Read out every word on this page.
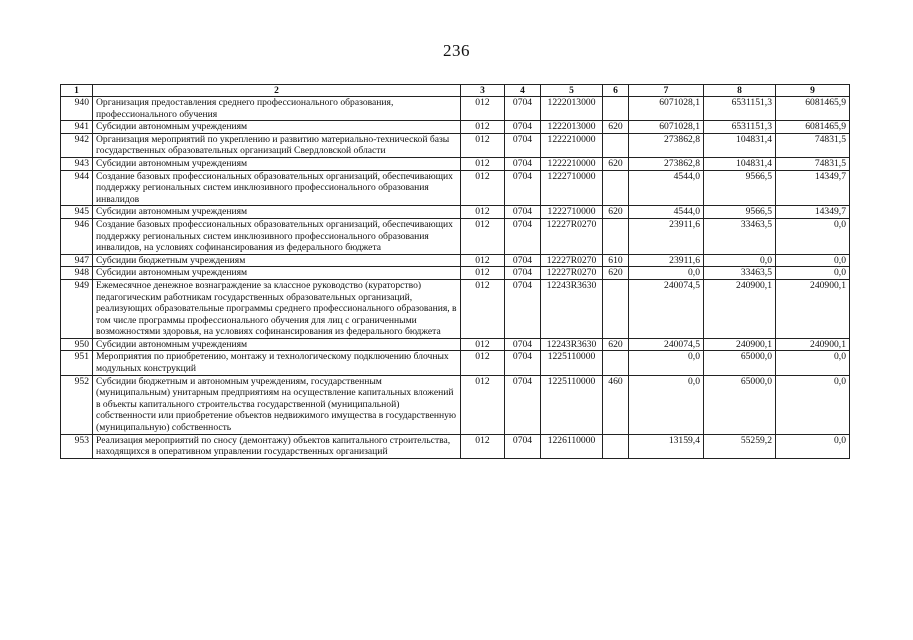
236
1	2	3	4	5	6	7	8	9
940	Организация предоставления среднего профессионального образования, профессионального обучения	012	0704	1222013000		6071028,1	6531151,3	6081465,9
941	Субсидии автономным учреждениям	012	0704	1222013000	620	6071028,1	6531151,3	6081465,9
942	Организация мероприятий по укреплению и развитию материально-технической базы государственных образовательных организаций Свердловской области	012	0704	1222210000		273862,8	104831,4	74831,5
943	Субсидии автономным учреждениям	012	0704	1222210000	620	273862,8	104831,4	74831,5
944	Создание базовых профессиональных образовательных организаций, обеспечивающих поддержку региональных систем инклюзивного профессионального образования инвалидов	012	0704	1222710000		4544,0	9566,5	14349,7
945	Субсидии автономным учреждениям	012	0704	1222710000	620	4544,0	9566,5	14349,7
946	Создание базовых профессиональных образовательных организаций, обеспечивающих поддержку региональных систем инклюзивного профессионального образования инвалидов, на условиях софинансирования из федерального бюджета	012	0704	12227R0270		23911,6	33463,5	0,0
947	Субсидии бюджетным учреждениям	012	0704	12227R0270	610	23911,6	0,0	0,0
948	Субсидии автономным учреждениям	012	0704	12227R0270	620	0,0	33463,5	0,0
949	Ежемесячное денежное вознаграждение за классное руководство (кураторство) педагогическим работникам государственных образовательных организаций, реализующих образовательные программы среднего профессионального образования, в том числе программы профессионального обучения для лиц с ограниченными возможностями здоровья, на условиях софинансирования из федерального бюджета	012	0704	12243R3630		240074,5	240900,1	240900,1
950	Субсидии автономным учреждениям	012	0704	12243R3630	620	240074,5	240900,1	240900,1
951	Мероприятия по приобретению, монтажу и технологическому подключению блочных модульных конструкций	012	0704	1225110000		0,0	65000,0	0,0
952	Субсидии бюджетным и автономным учреждениям, государственным (муниципальным) унитарным предприятиям на осуществление капитальных вложений в объекты капитального строительства государственной (муниципальной) собственности или приобретение объектов недвижимого имущества в государственную (муниципальную) собственность	012	0704	1225110000	460	0,0	65000,0	0,0
953	Реализация мероприятий по сносу (демонтажу) объектов капитального строительства, находящихся в оперативном управлении государственных организаций	012	0704	1226110000		13159,4	55259,2	0,0
